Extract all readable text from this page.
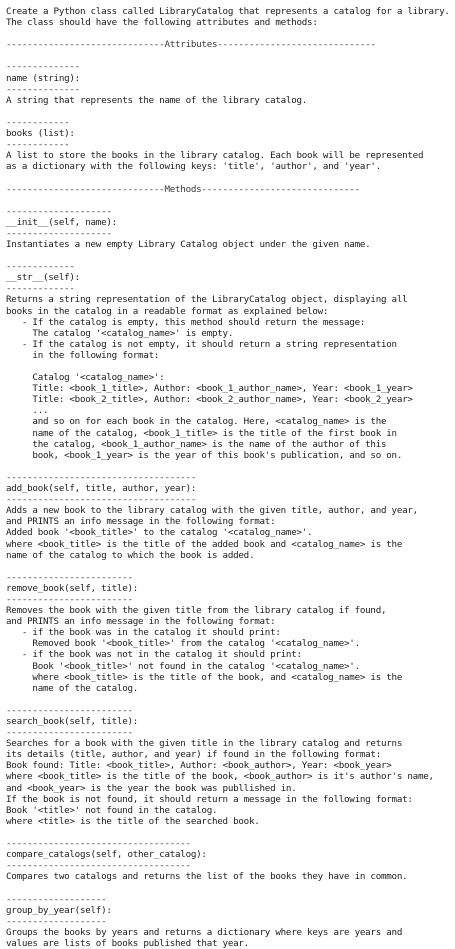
Create a Python class called LibraryCatalog that represents a catalog for a library.
The class should have the following attributes and methods:

------------------------------Attributes------------------------------

--------------
name (string):
--------------
A string that represents the name of the library catalog.

------------
books (list):
------------
A list to store the books in the library catalog. Each book will be represented
as a dictionary with the following keys: 'title', 'author', and 'year'.

------------------------------Methods------------------------------

--------------------
__init__(self, name):
--------------------
Instantiates a new empty Library Catalog object under the given name.

-------------
__str__(self):
-------------
Returns a string representation of the LibraryCatalog object, displaying all
books in the catalog in a readable format as explained below:
- If the catalog is empty, this method should return the message:
The catalog '<catalog_name>' is empty.
- If the catalog is not empty, it should return a string representation
in the following format:

Catalog '<catalog_name>':
Title: <book_1_title>, Author: <book_1_author_name>, Year: <book_1_year>
Title: <book_2_title>, Author: <book_2_author_name>, Year: <book_2_year>
...
and so on for each book in the catalog. Here, <catalog_name> is the
name of the catalog, <book_1_title> is the title of the first book in
the catalog, <book_1_author_name> is the name of the author of this
book, <book_1_year> is the year of this book's publication, and so on.

------------------------------------
add_book(self, title, author, year):
------------------------------------
Adds a new book to the library catalog with the given title, author, and year,
and PRINTS an info message in the following format:
Added book '<book_title>' to the catalog '<catalog_name>'.
where <book_title> is the title of the added book and <catalog_name> is the
name of the catalog to which the book is added.

------------------------
remove_book(self, title):
------------------------
Removes the book with the given title from the library catalog if found,
and PRINTS an info message in the following format:
- if the book was in the catalog it should print:
Removed book '<book_title>' from the catalog '<catalog_name>'.
- if the book was not in the catalog it should print:
Book '<book_title>' not found in the catalog '<catalog_name>'.
where <book_title> is the title of the book, and <catalog_name> is the
name of the catalog.

------------------------
search_book(self, title):
------------------------
Searches for a book with the given title in the library catalog and returns
its details (title, author, and year) if found in the following format:
Book found: Title: <book_title>, Author: <book_author>, Year: <book_year>
where <book_title> is the title of the book, <book_author> is it's author's name,
and <book_year> is the year the book was publlished in.
If the book is not found, it should return a message in the following format:
Book '<title>' not found in the catalog.
where <title> is the title of the searched book.

-----------------------------------
compare_catalogs(self, other_catalog):
-----------------------------------
Compares two catalogs and returns the list of the books they have in common.

-------------------
group_by_year(self):
-------------------
Groups the books by years and returns a dictionary where keys are years and
values are lists of books published that year.
